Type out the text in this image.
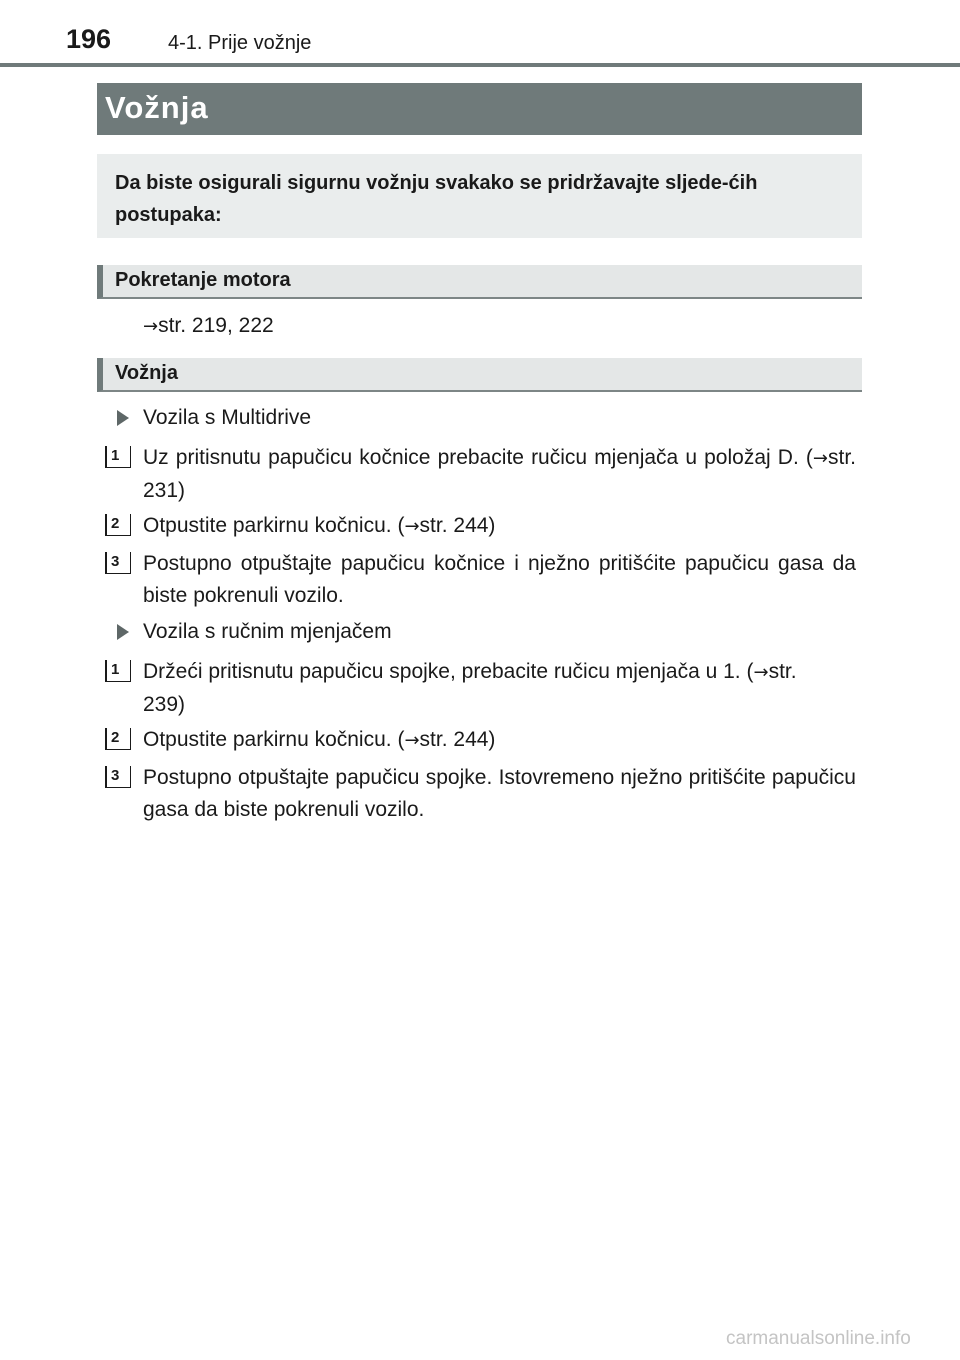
196	4-1. Prije vožnje
Vožnja

Da biste osigurali sigurnu vožnju svakako se pridržavajte sljede-ćih postupaka:

Pokretanje motora
→str. 219, 222
Vožnja
Vozila s Multidrive
1 Uz pritisnutu papučicu kočnice prebacite ručicu mjenjača u položaj D. (→str. 231)
2 Otpustite parkirnu kočnicu. (→str. 244)
3 Postupno otpuštajte papučicu kočnice i nježno pritišćite papučicu gasa da biste pokrenuli vozilo.
Vozila s ručnim mjenjačem
1 Držeći pritisnutu papučicu spojke, prebacite ručicu mjenjača u 1. (→str. 239)
2 Otpustite parkirnu kočnicu. (→str. 244)
3 Postupno otpuštajte papučicu spojke. Istovremeno nježno pritišćite papučicu gasa da biste pokrenuli vozilo.
carmanualsonline.info
